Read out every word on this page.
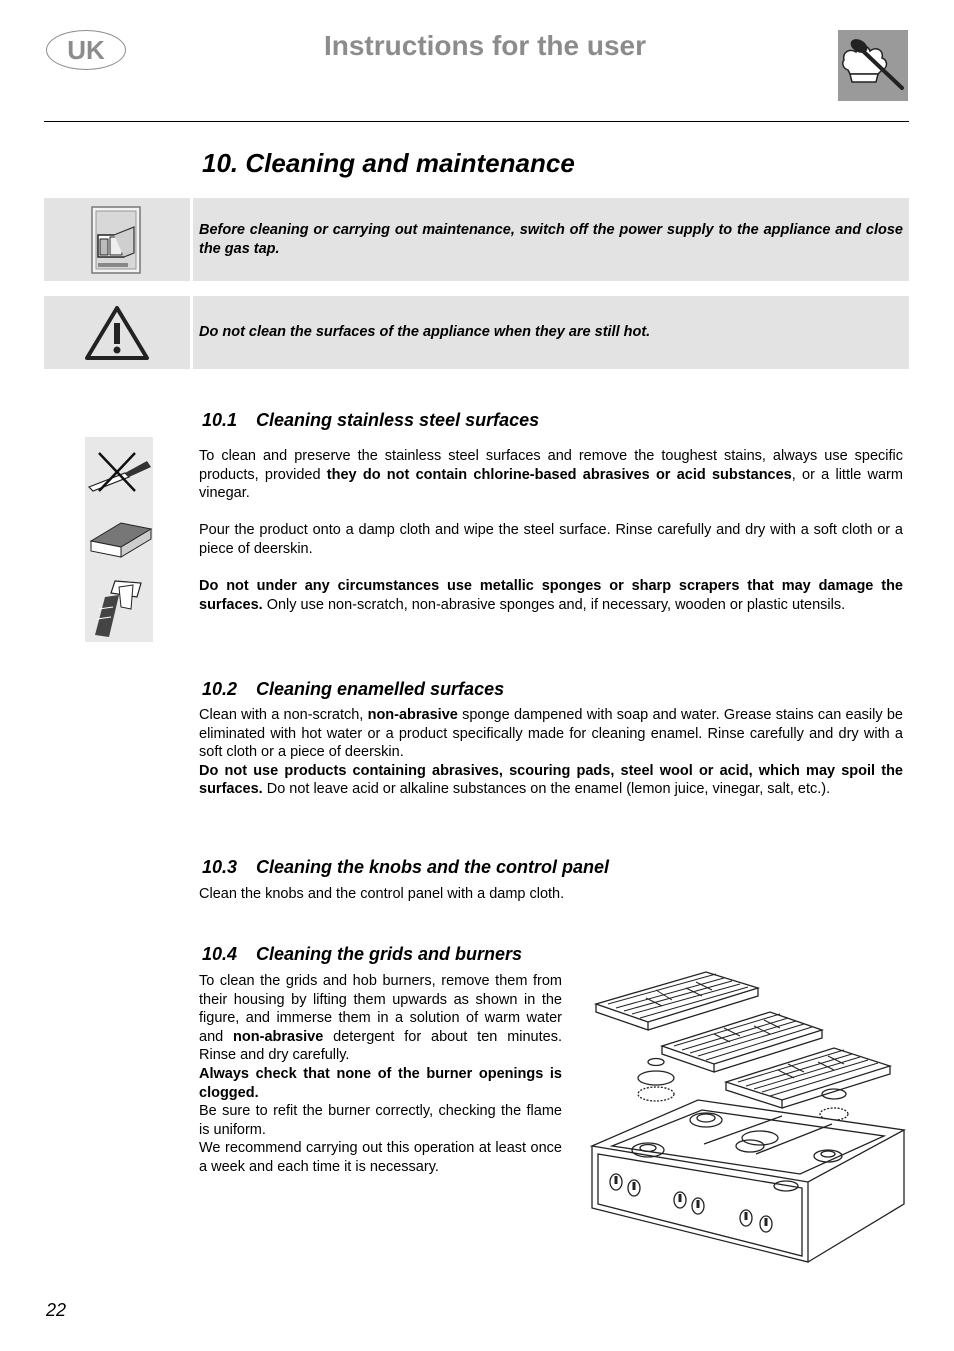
UK	Instructions for the user
10. Cleaning and maintenance
Before cleaning or carrying out maintenance, switch off the power supply to the appliance and close the gas tap.
Do not clean the surfaces of the appliance when they are still hot.
10.1 Cleaning stainless steel surfaces

To clean and preserve the stainless steel surfaces and remove the toughest stains, always use specific products, provided they do not contain chlorine-based abrasives or acid substances, or a little warm vinegar.

Pour the product onto a damp cloth and wipe the steel surface. Rinse carefully and dry with a soft cloth or a piece of deerskin.

Do not under any circumstances use metallic sponges or sharp scrapers that may damage the surfaces. Only use non-scratch, non-abrasive sponges and, if necessary, wooden or plastic utensils.

10.2 Cleaning enamelled surfaces

Clean with a non-scratch, non-abrasive sponge dampened with soap and water. Grease stains can easily be eliminated with hot water or a product specifically made for cleaning enamel. Rinse carefully and dry with a soft cloth or a piece of deerskin.

Do not use products containing abrasives, scouring pads, steel wool or acid, which may spoil the surfaces. Do not leave acid or alkaline substances on the enamel (lemon juice, vinegar, salt, etc.).

10.3 Cleaning the knobs and the control panel

Clean the knobs and the control panel with a damp cloth.

10.4 Cleaning the grids and burners

To clean the grids and hob burners, remove them from their housing by lifting them upwards as shown in the figure, and immerse them in a solution of warm water and non-abrasive detergent for about ten minutes. Rinse and dry carefully.

Always check that none of the burner openings is clogged.

Be sure to refit the burner correctly, checking the flame is uniform.

We recommend carrying out this operation at least once a week and each time it is necessary.

22
